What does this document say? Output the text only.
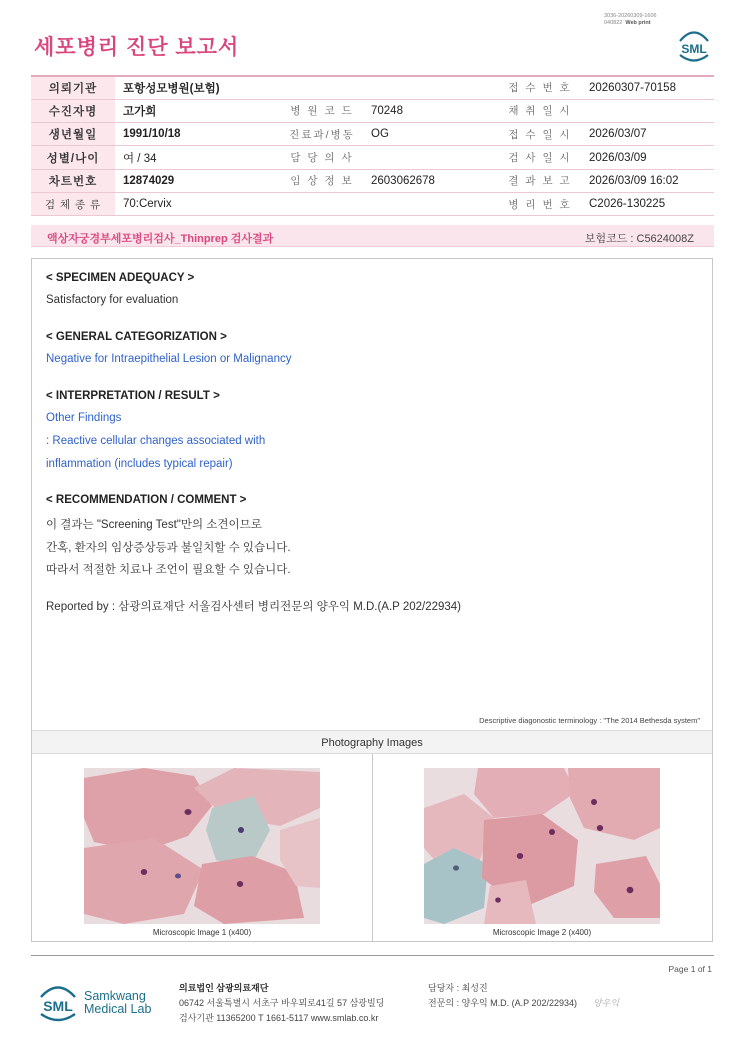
3036-20260309-1606
040822 Web print
세포병리 진단 보고서	SML
의뢰기관	포항성모병원(보험)			접 수 번 호	20260307-70158
수진자명	고가희	병 원 코 드	70248	채 취 일 시	
생년월일	1991/10/18	진료과/병동	OG	접 수 일 시	2026/03/07
성별/나이	여 / 34	담 당 의 사		검 사 일 시	2026/03/09
차트번호	12874029	임 상 정 보	2603062678	결 과 보 고	2026/03/09 16:02
검 체 종 류	70:Cervix			병 리 번 호	C2026-130225
액상자궁경부세포병리검사_Thinprep 검사결과	보험코드 : C5624008Z
< SPECIMEN ADEQUACY >
Satisfactory for evaluation
< GENERAL CATEGORIZATION >
Negative for Intraepithelial Lesion or Malignancy
< INTERPRETATION / RESULT >
Other Findings
: Reactive cellular changes associated with
inflammation (includes typical repair)
< RECOMMENDATION / COMMENT >
이 결과는 "Screening Test"만의 소견이므로
간혹, 환자의 임상증상등과 불일치할 수 있습니다.
따라서 적절한 치료나 조언이 필요할 수 있습니다.
Reported by : 삼광의료재단 서울검사센터 병리전문의 양우익 M.D.(A.P 202/22934)
Descriptive diagonostic terminology : "The 2014 Bethesda system"
Photography Images
Microscopic Image 1 (x400)	Microscopic Image 2 (x400)
Page 1 of 1
SML
Samkwang
Medical Lab
의료법인 삼광의료재단
06742 서울특별시 서초구 바우뫼로41길 57 삼광빌딩
검사기관 11365200 T 1661-5117 www.smlab.co.kr
담당자 : 최성진
전문의 : 양우익 M.D. (A.P 202/22934) 양우익
